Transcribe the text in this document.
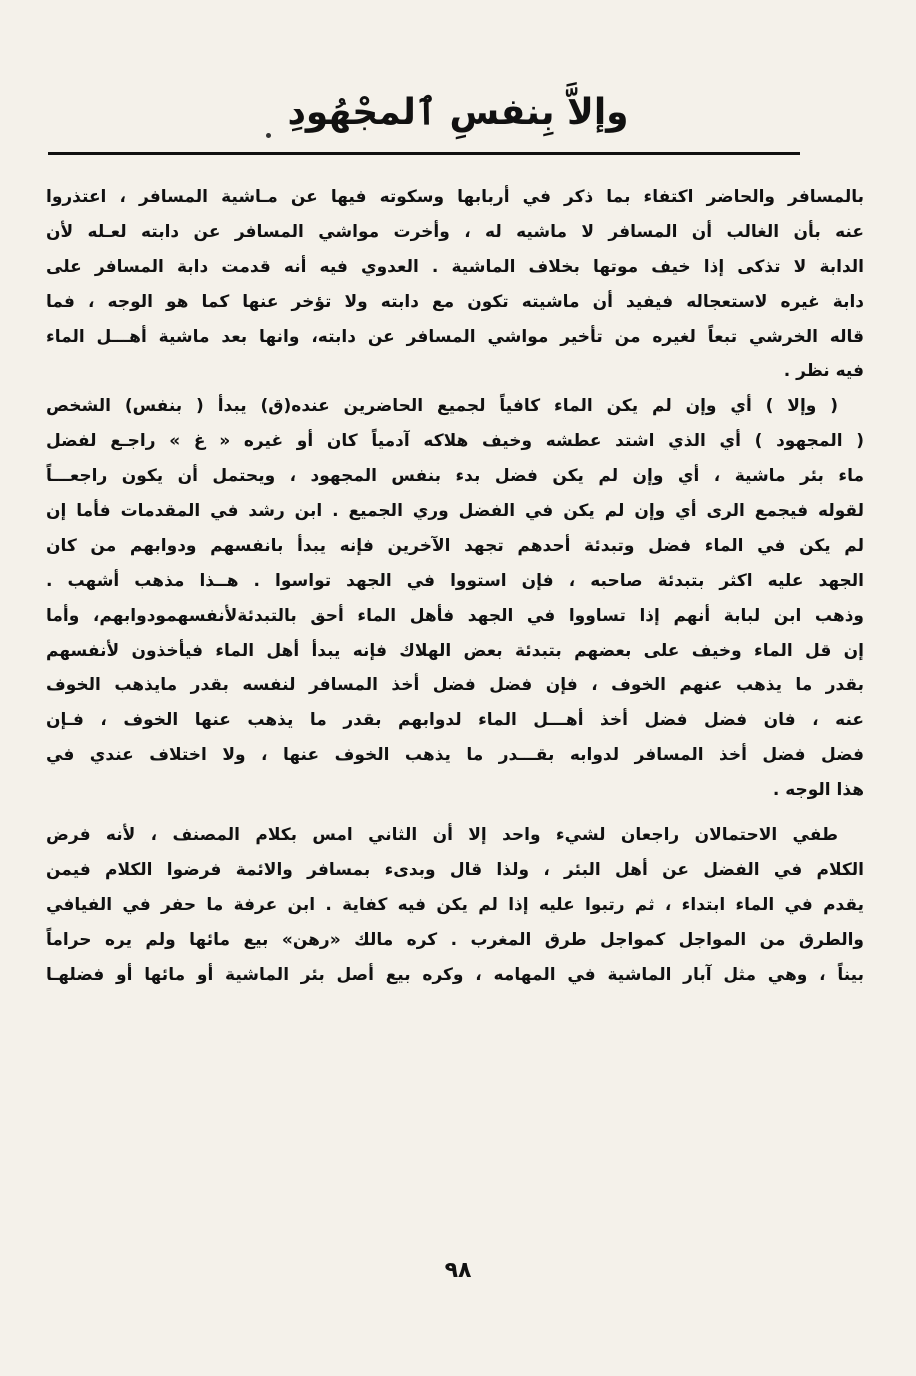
وإلاَّ بِنفسِ ٱلمجْهُودِ
بالمسافر والحاضر اكتفاء بما ذكر في أربابها وسكوته فيها عن مـاشية المسافر ، اعتذروا
عنه بأن الغالب أن المسافر لا ماشيه له ، وأخرت مواشي المسافر عن دابته لعـله لأن
الدابة لا تذكى إذا خيف موتها بخلاف الماشية . العدوي فيه أنه قدمت دابة المسافر على
دابة غيره لاستعجاله فيفيد أن ماشيته تكون مع دابته ولا تؤخر عنها كما هو الوجه ، فما
قاله الخرشي تبعاً لغيره من تأخير مواشي المسافر عن دابته، وانها بعد ماشية أهـــل الماء
فيه نظر .
( وإلا ) أي وإن لم يكن الماء كافياً لجميع الحاضرين عنده(ق) يبدأ ( بنفس) الشخص
( المجهود ) أي الذي اشتد عطشه وخيف هلاكه آدمياً كان أو غيره « غ » راجـع لفضل
ماء بئر ماشية ، أي وإن لم يكن فضل بدء بنفس المجهود ، ويحتمل أن يكون راجعـــاً
لقوله فيجمع الرى أي وإن لم يكن في الفضل وري الجميع . ابن رشد في المقدمات فأما إن
لم يكن في الماء فضل وتبدئة أحدهم تجهد الآخرين فإنه يبدأ بانفسهم ودوابهم من كان
الجهد عليه اكثر بتبدئة صاحبه ، فإن استووا في الجهد تواسوا . هــذا مذهب أشهب .
وذهب ابن لبابة أنهم إذا تساووا في الجهد فأهل الماء أحق بالتبدئةلأنفسهمودوابهم، وأما
إن قل الماء وخيف على بعضهم بتبدئة بعض الهلاك فإنه يبدأ أهل الماء فيأخذون لأنفسهم
بقدر ما يذهب عنهم الخوف ، فإن فضل فضل أخذ المسافر لنفسه بقدر مايذهب الخوف
عنه ، فان فضل فضل أخذ أهـــل الماء لدوابهم بقدر ما يذهب عنها الخوف ، فـإن
فضل فضل أخذ المسافر لدوابه بقـــدر ما يذهب الخوف عنها ، ولا اختلاف عندي في
هذا الوجه .
طفي الاحتمالان راجعان لشيء واحد إلا أن الثاني امس بكلام المصنف ، لأنه فرض
الكلام في الفضل عن أهل البئر ، ولذا قال وبدىء بمسافر والائمة فرضوا الكلام فيمن
يقدم في الماء ابتداء ، ثم رتبوا عليه إذا لم يكن فيه كفاية . ابن عرفة ما حفر في الفيافي
والطرق من المواجل كمواجل طرق المغرب . كره مالك «رهن» بيع مائها ولم يره حراماً
بيناً ، وهي مثل آبار الماشية في المهامه ، وكره بيع أصل بئر الماشية أو مائها أو فضلهـا
٩٨
